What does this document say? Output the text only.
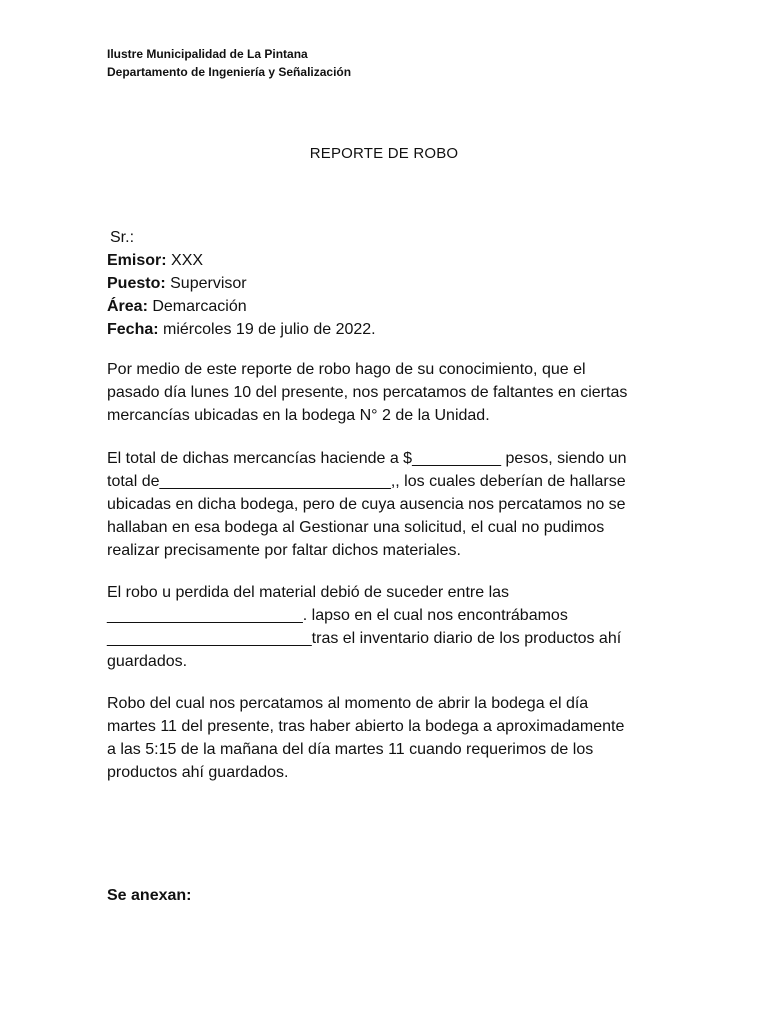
Ilustre Municipalidad de La Pintana
Departamento de Ingeniería y Señalización
REPORTE DE ROBO
Sr.:
Emisor: XXX
Puesto: Supervisor
Área: Demarcación
Fecha: miércoles 19 de julio de 2022.
Por medio de este reporte de robo hago de su conocimiento, que el
pasado día lunes 10 del presente, nos percatamos de faltantes en ciertas
mercancías ubicadas en la bodega N° 2 de la Unidad.
El total de dichas mercancías haciende a $__________ pesos, siendo un
total de__________________________,, los cuales deberían de hallarse
ubicadas en dicha bodega, pero de cuya ausencia nos percatamos no se
hallaban en esa bodega al Gestionar una solicitud, el cual no pudimos
realizar precisamente por faltar dichos materiales.
El robo u perdida del material debió de suceder entre las
______________________. lapso en el cual nos encontrábamos
_______________________tras el inventario diario de los productos ahí
guardados.
Robo del cual nos percatamos al momento de abrir la bodega el día
martes 11 del presente, tras haber abierto la bodega a aproximadamente
a las 5:15 de la mañana del día martes 11 cuando requerimos de los
productos ahí guardados.
Se anexan:
